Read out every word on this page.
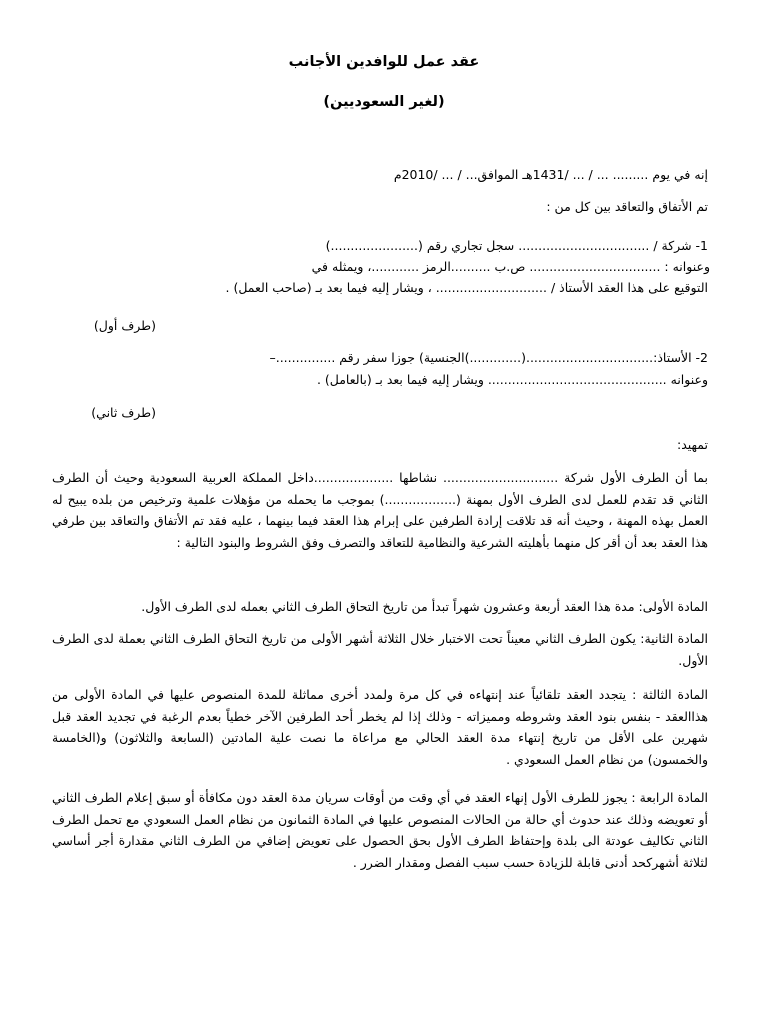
عقد عمل للوافدين الأجانب
(لغير السعوديين)
إنه في يوم ......... ... / ... /1431هـ الموافق... / ... /2010م
تم الأتفاق والتعاقد بين كل من :
1- شركة / ................................. سجل تجاري رقم (......................)
وعنوانه : ................................. ص.ب ..........الرمز ............، ويمثله في
التوقيع على هذا العقد الأستاذ / ............................ ، ويشار إليه فيما بعد بـ (صاحب العمل) .
(طرف أول)
2- الأستاذ:................................(.............)الجنسية) جوزا سفر رقم ...............–
وعنوانه ............................................. ويشار إليه فيما بعد بـ (بالعامل) .
(طرف ثاني)
تمهيد:
بما أن الطرف الأول شركة ............................. نشاطها ....................داخل المملكة العربية السعودية وحيث أن الطرف الثاني قد تقدم للعمل لدى الطرف الأول بمهنة (..................) بموجب ما يحمله من مؤهلات علمية وترخيص من بلده يبيح له العمل بهذه المهنة ، وحيث أنه قد تلاقت إرادة الطرفين على إبرام هذا العقد فيما بينهما ، عليه فقد تم الأتفاق والتعاقد بين طرفي هذا العقد بعد أن أقر كل منهما بأهليته الشرعية والنظامية للتعاقد والتصرف وفق الشروط والبنود التالية :
المادة الأولى: مدة هذا العقد أربعة وعشرون شهراً تبدأ من تاريخ التحاق الطرف الثاني بعمله لدى الطرف الأول.
المادة الثانية: يكون الطرف الثاني معيناً تحت الاختبار خلال الثلاثة أشهر الأولى من تاريخ التحاق الطرف الثاني بعملة لدى الطرف الأول.
المادة الثالثة : يتجدد العقد تلقائياً عند إنتهاءه في كل مرة ولمدد أخرى مماثلة للمدة المنصوص عليها في المادة الأولى من هذاالعقد - بنفس بنود العقد وشروطه ومميزاته - وذلك إذا لم يخطر أحد الطرفين الآخر خطياً بعدم الرغبة في تجديد العقد قبل شهرين على الأقل من تاريخ إنتهاء مدة العقد الحالي مع مراعاة ما نصت علية المادتين (السابعة والثلاثون) و(الخامسة والخمسون) من نظام العمل السعودي .
المادة الرابعة : يجوز للطرف الأول إنهاء العقد في أي وقت من أوقات سريان مدة العقد دون مكافأة أو سبق إعلام الطرف الثاني أو تعويضه وذلك عند حدوث أي حالة من الحالات المنصوص عليها في المادة الثمانون من نظام العمل السعودي مع تحمل الطرف الثاني تكاليف عودتة الى بلدة وإحتفاظ الطرف الأول بحق الحصول على تعويض إضافي من الطرف الثاني مقدارة أجر أساسي لثلاثة أشهركحد أدنى قابلة للزيادة حسب سبب الفصل ومقدار الضرر .
